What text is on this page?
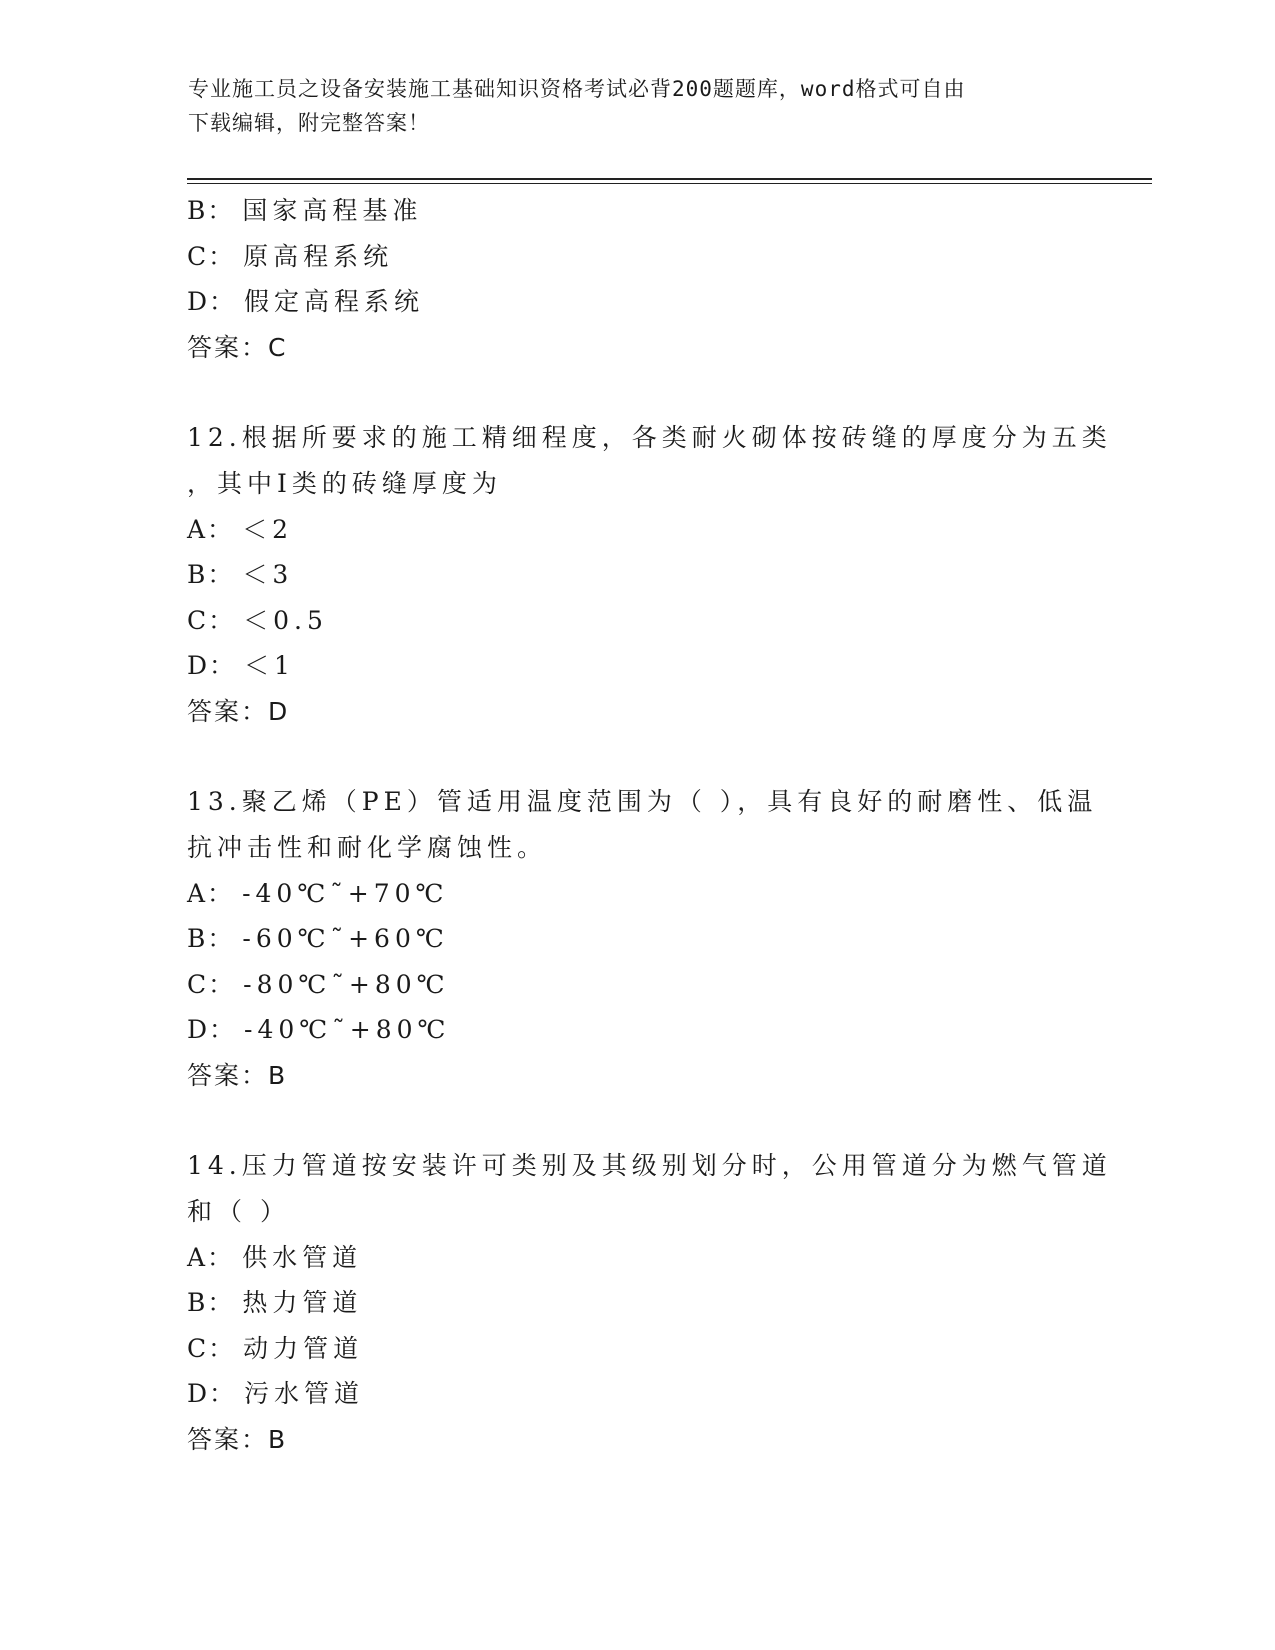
专业施工员之设备安装施工基础知识资格考试必背200题题库，word格式可自由
下载编辑，附完整答案！
B： 国家高程基准
C： 原高程系统
D： 假定高程系统
答案：C
12.根据所要求的施工精细程度，各类耐火砌体按砖缝的厚度分为五类
，其中Ⅰ类的砖缝厚度为
A： ＜2
B： ＜3
C： ＜0.5
D： ＜1
答案：D
13.聚乙烯（PE）管适用温度范围为（ ），具有良好的耐磨性、低温
抗冲击性和耐化学腐蚀性。
A： -40℃˜+70℃
B： -60℃˜+60℃
C： -80℃˜+80℃
D： -40℃˜+80℃
答案：B
14.压力管道按安装许可类别及其级别划分时，公用管道分为燃气管道
和（ ）
A： 供水管道
B： 热力管道
C： 动力管道
D： 污水管道
答案：B
